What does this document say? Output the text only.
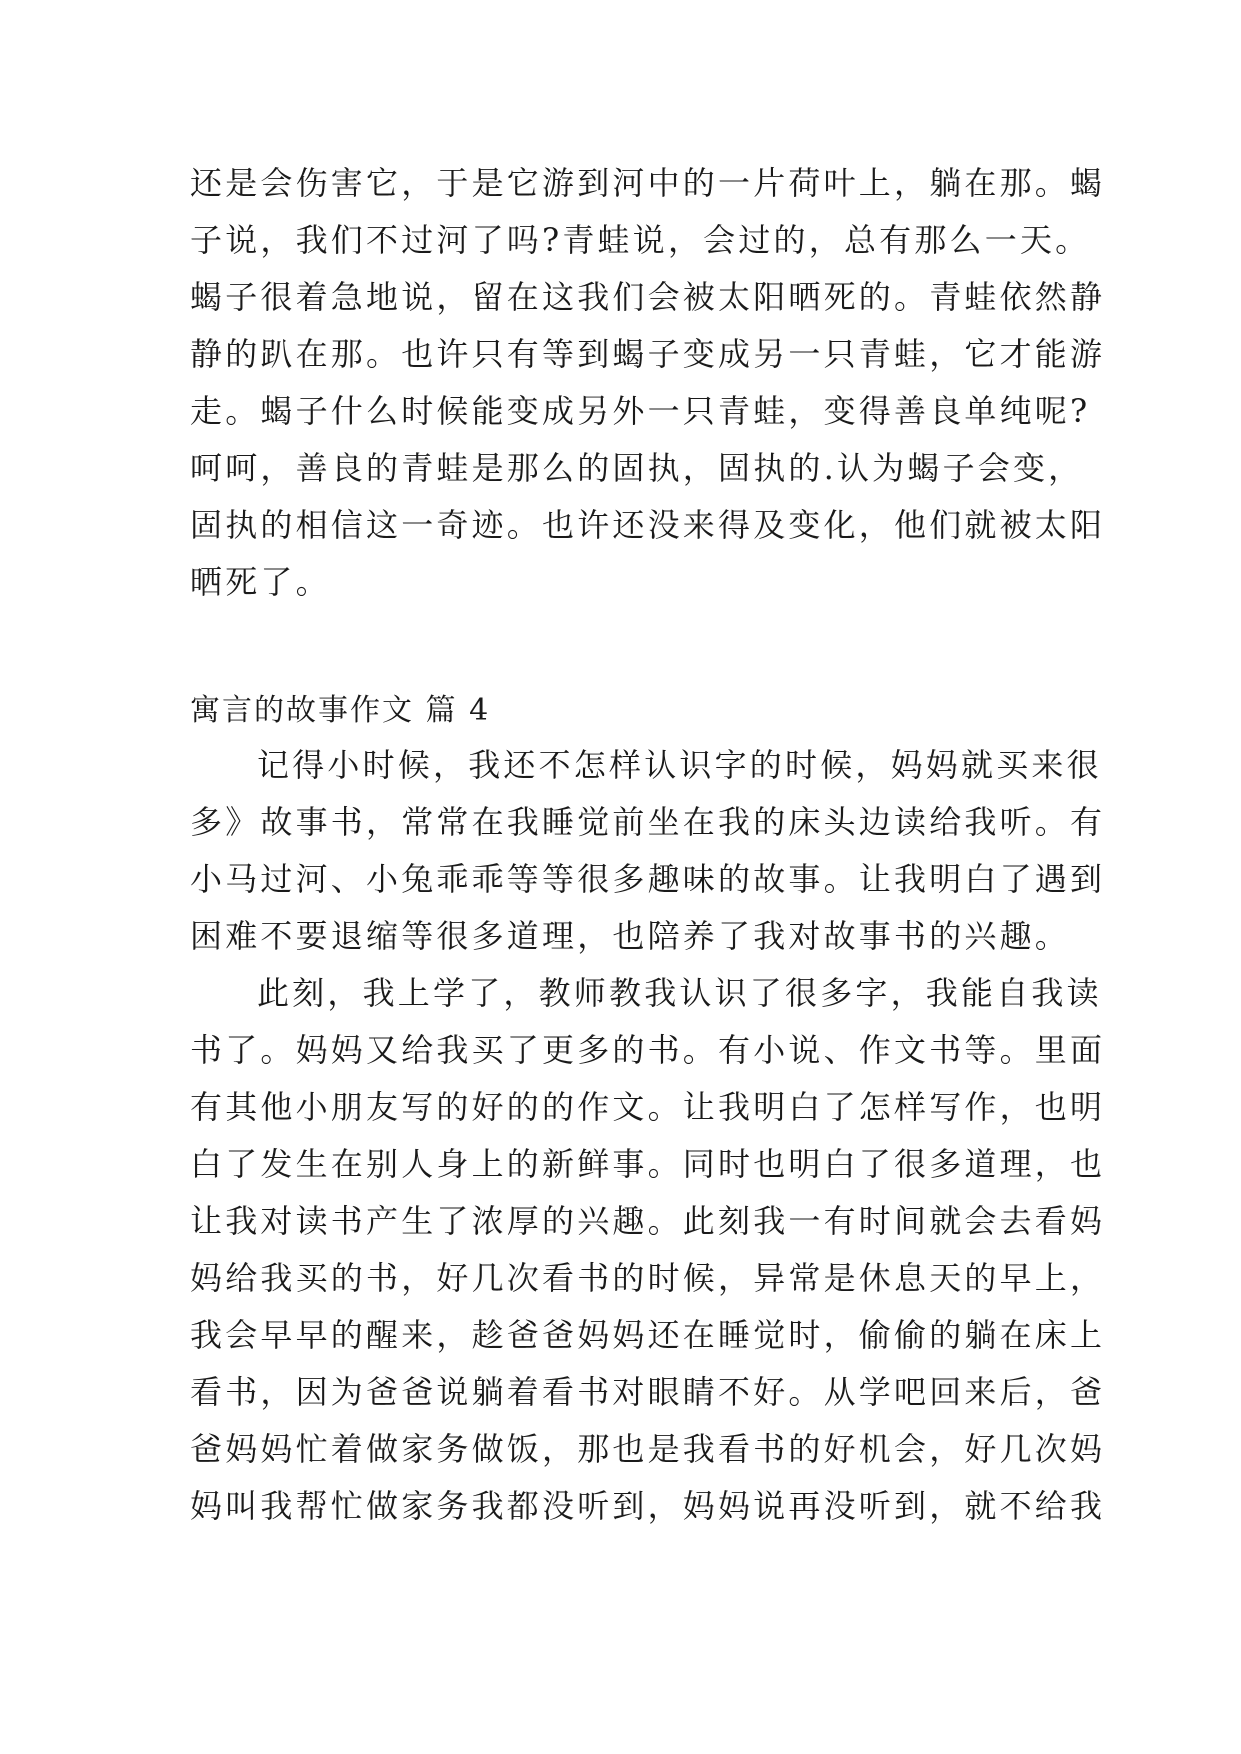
还是会伤害它，于是它游到河中的一片荷叶上，躺在那。蝎
子说，我们不过河了吗?青蛙说，会过的，总有那么一天。
蝎子很着急地说，留在这我们会被太阳晒死的。青蛙依然静
静的趴在那。也许只有等到蝎子变成另一只青蛙，它才能游
走。蝎子什么时候能变成另外一只青蛙，变得善良单纯呢?
呵呵，善良的青蛙是那么的固执，固执的.认为蝎子会变，
固执的相信这一奇迹。也许还没来得及变化，他们就被太阳
晒死了。
寓言的故事作文 篇 4
记得小时候，我还不怎样认识字的时候，妈妈就买来很
多》故事书，常常在我睡觉前坐在我的床头边读给我听。有
小马过河、小兔乖乖等等很多趣味的故事。让我明白了遇到
困难不要退缩等很多道理，也陪养了我对故事书的兴趣。
此刻，我上学了，教师教我认识了很多字，我能自我读
书了。妈妈又给我买了更多的书。有小说、作文书等。里面
有其他小朋友写的好的的作文。让我明白了怎样写作，也明
白了发生在别人身上的新鲜事。同时也明白了很多道理，也
让我对读书产生了浓厚的兴趣。此刻我一有时间就会去看妈
妈给我买的书，好几次看书的时候，异常是休息天的早上，
我会早早的醒来，趁爸爸妈妈还在睡觉时，偷偷的躺在床上
看书，因为爸爸说躺着看书对眼睛不好。从学吧回来后，爸
爸妈妈忙着做家务做饭，那也是我看书的好机会，好几次妈
妈叫我帮忙做家务我都没听到，妈妈说再没听到，就不给我
